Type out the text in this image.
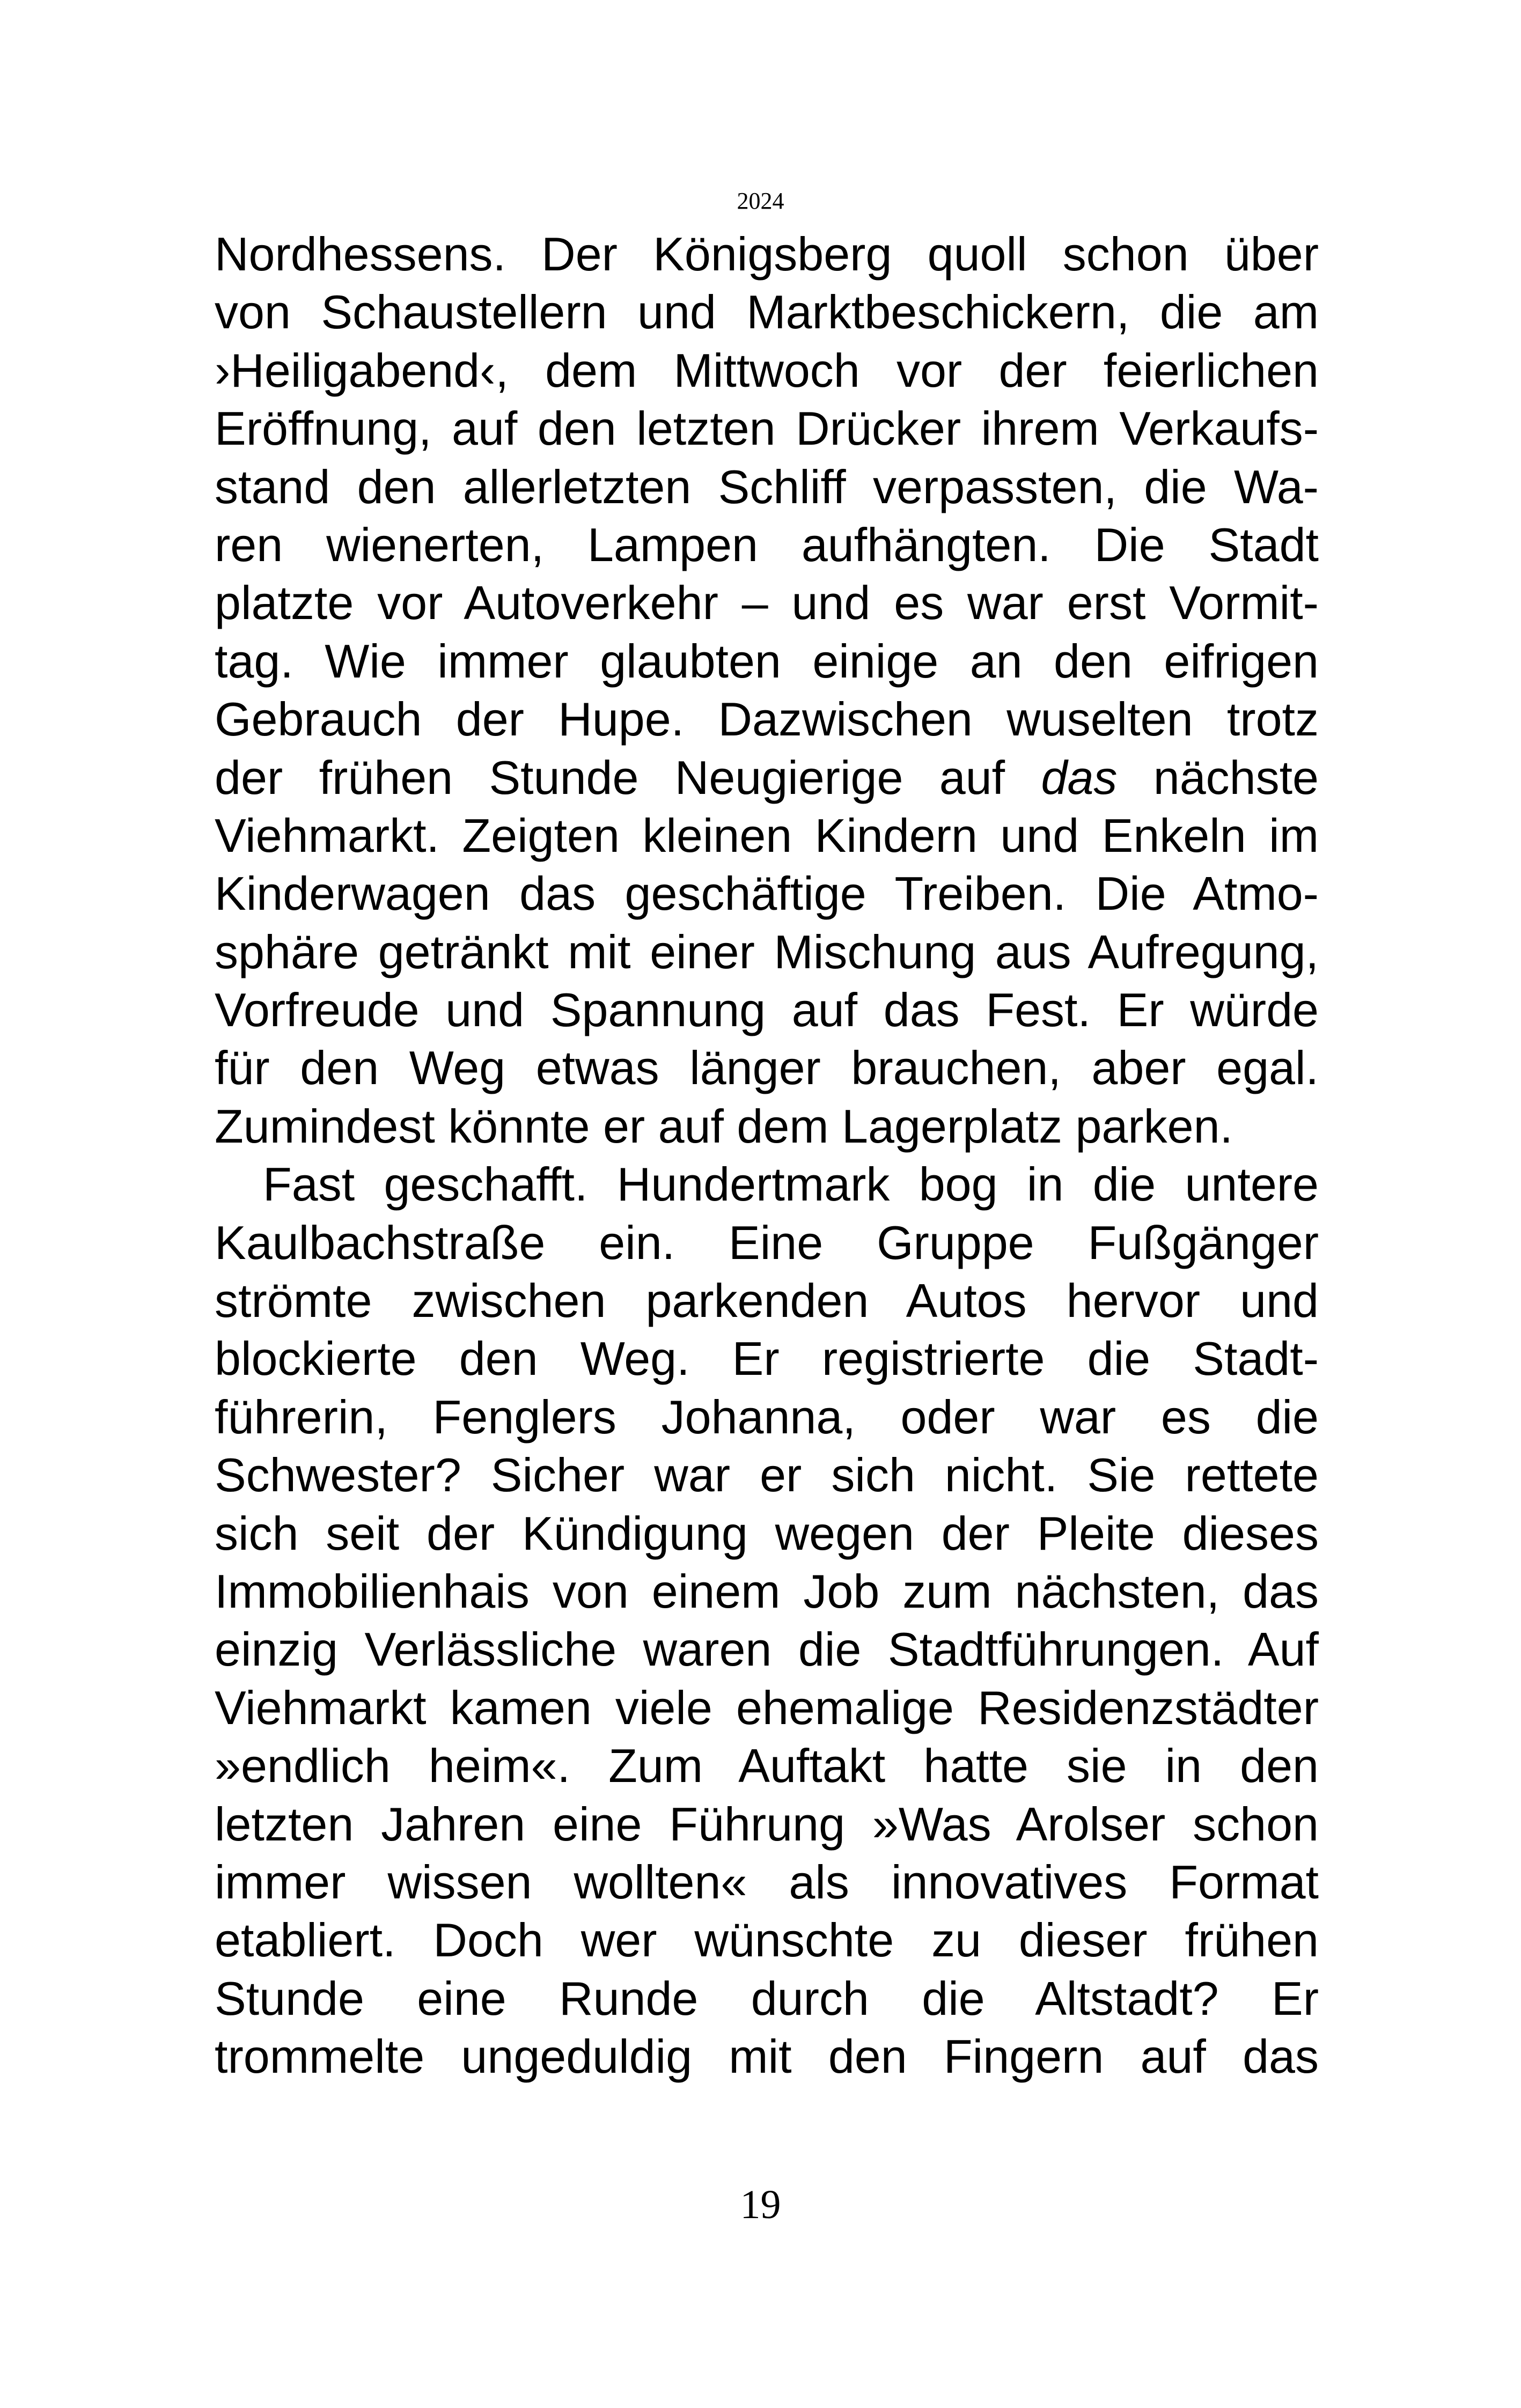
2024
Nordhessens. Der Königsberg quoll schon über
von Schaustellern und Marktbeschickern, die am
›Heiligabend‹, dem Mittwoch vor der feierlichen
Eröffnung, auf den letzten Drücker ihrem Verkaufs-
stand den allerletzten Schliff verpassten, die Wa-
ren wienerten, Lampen aufhängten. Die Stadt
platzte vor Autoverkehr – und es war erst Vormit-
tag. Wie immer glaubten einige an den eifrigen
Gebrauch der Hupe. Dazwischen wuselten trotz
der frühen Stunde Neugierige auf das nächste
Viehmarkt. Zeigten kleinen Kindern und Enkeln im
Kinderwagen das geschäftige Treiben. Die Atmo-
sphäre getränkt mit einer Mischung aus Aufregung,
Vorfreude und Spannung auf das Fest. Er würde
für den Weg etwas länger brauchen, aber egal.
Zumindest könnte er auf dem Lagerplatz parken.
Fast geschafft. Hundertmark bog in die untere
Kaulbachstraße ein. Eine Gruppe Fußgänger
strömte zwischen parkenden Autos hervor und
blockierte den Weg. Er registrierte die Stadt-
führerin, Fenglers Johanna, oder war es die
Schwester? Sicher war er sich nicht. Sie rettete
sich seit der Kündigung wegen der Pleite dieses
Immobilienhais von einem Job zum nächsten, das
einzig Verlässliche waren die Stadtführungen. Auf
Viehmarkt kamen viele ehemalige Residenzstädter
»endlich heim«. Zum Auftakt hatte sie in den
letzten Jahren eine Führung »Was Arolser schon
immer wissen wollten« als innovatives Format
etabliert. Doch wer wünschte zu dieser frühen
Stunde eine Runde durch die Altstadt? Er
trommelte ungeduldig mit den Fingern auf das
19
